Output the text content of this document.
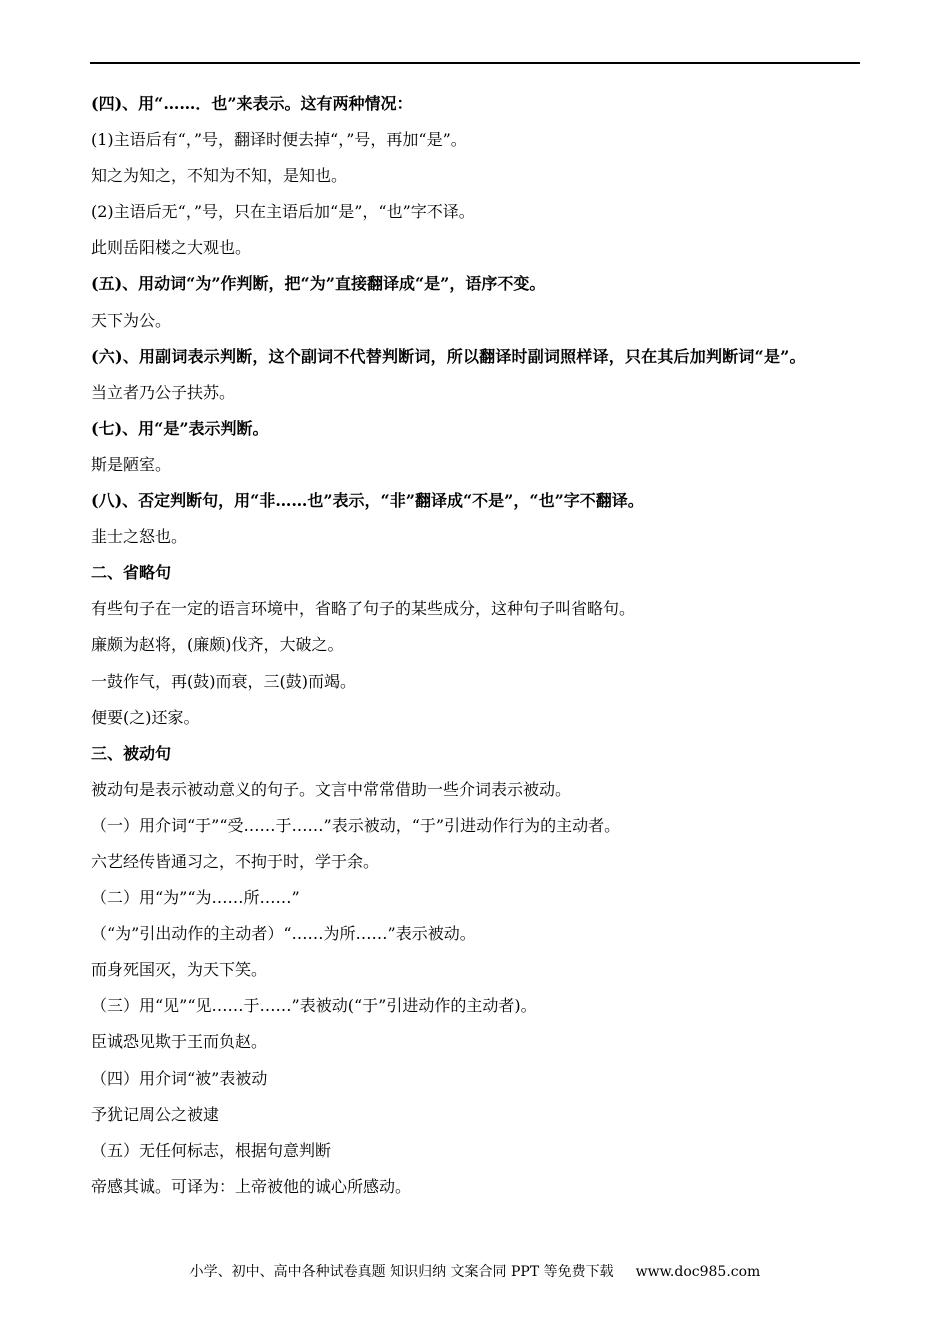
(四)、用“……．也”来表示。这有两种情况：
(1)主语后有“，”号，翻译时便去掉“，”号，再加“是”。
知之为知之，不知为不知，是知也。
(2)主语后无“，”号，只在主语后加“是”，“也”字不译。
此则岳阳楼之大观也。
(五)、用动词“为”作判断，把“为”直接翻译成“是”，语序不变。
天下为公。
(六)、用副词表示判断，这个副词不代替判断词，所以翻译时副词照样译，只在其后加判断词“是”。
当立者乃公子扶苏。
(七)、用“是”表示判断。
斯是陋室。
(八)、否定判断句，用“非……也”表示，“非”翻译成“不是”，“也”字不翻译。
韭士之怒也。
二、省略句
有些句子在一定的语言环境中，省略了句子的某些成分，这种句子叫省略句。
廉颇为赵将，(廉颇)伐齐，大破之。
一鼓作气，再(鼓)而衰，三(鼓)而竭。
便要(之)还家。
三、被动句
被动句是表示被动意义的句子。文言中常常借助一些介词表示被动。
（一）用介词“于”“受……于……”表示被动，“于”引进动作行为的主动者。
六艺经传皆通习之，不拘于时，学于余。
（二）用“为”“为……所……”
（“为”引出动作的主动者）“……为所……”表示被动。
而身死国灭，为天下笑。
（三）用“见”“见……于……”表被动(“于”引进动作的主动者)。
臣诚恐见欺于王而负赵。
（四）用介词“被”表被动
予犹记周公之被逮
（五）无任何标志，根据句意判断
帝感其诚。可译为：上帝被他的诚心所感动。
小学、初中、高中各种试卷真题 知识归纳 文案合同 PPT 等免费下载 www.doc985.com
